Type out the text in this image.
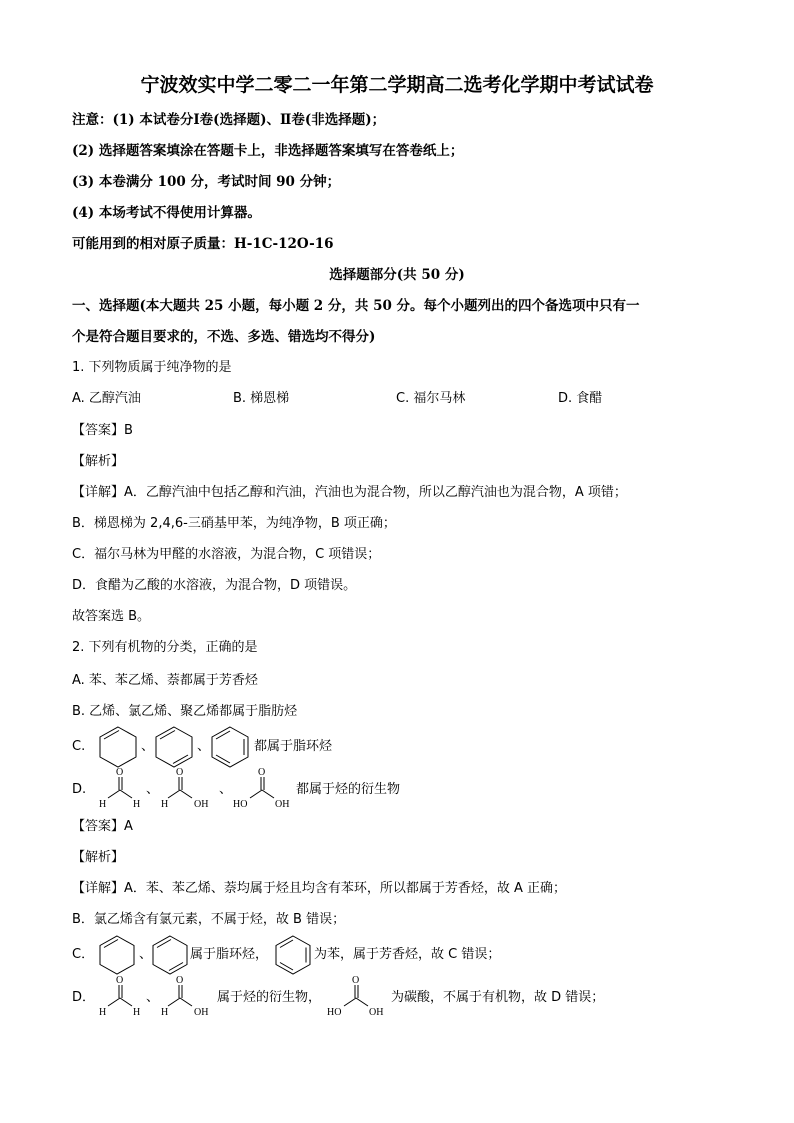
宁波效实中学二零二一年第二学期高二选考化学期中考试试卷
注意：(1) 本试卷分Ⅰ卷(选择题)、Ⅱ卷(非选择题)；
(2) 选择题答案填涂在答题卡上，非选择题答案填写在答卷纸上；
(3) 本卷满分 100 分，考试时间 90 分钟；
(4) 本场考试不得使用计算器。
可能用到的相对原子质量：H-1C-12O-16
选择题部分(共 50 分)
一、选择题(本大题共 25 小题，每小题 2 分，共 50 分。每个小题列出的四个备选项中只有一
个是符合题目要求的，不选、多选、错选均不得分)
1. 下列物质属于纯净物的是
A. 乙醇汽油	B. 梯恩梯	C. 福尔马林	D. 食醋
【答案】B
【解析】
【详解】A．乙醇汽油中包括乙醇和汽油，汽油也为混合物，所以乙醇汽油也为混合物，A 项错；
B．梯恩梯为 2,4,6-三硝基甲苯，为纯净物，B 项正确；
C．福尔马林为甲醛的水溶液，为混合物，C 项错误；
D．食醋为乙酸的水溶液，为混合物，D 项错误。
故答案选 B。
2. 下列有机物的分类，正确的是
A. 苯、苯乙烯、萘都属于芳香烃
B. 乙烯、氯乙烯、聚乙烯都属于脂肪烃
C.	、	、	都属于脂环烃
D.
O
H	H
、
O
H	OH
、
O
HO	OH
都属于烃的衍生物
【答案】A
【解析】
【详解】A．苯、苯乙烯、萘均属于烃且均含有苯环，所以都属于芳香烃，故 A 正确；
B．氯乙烯含有氯元素，不属于烃，故 B 错误；
C．	、	属于脂环烃，	为苯，属于芳香烃，故 C 错误；
D．
O
H	H
、
O
H	OH
属于烃的衍生物，
O
HO	OH
为碳酸，不属于有机物，故 D 错误；
